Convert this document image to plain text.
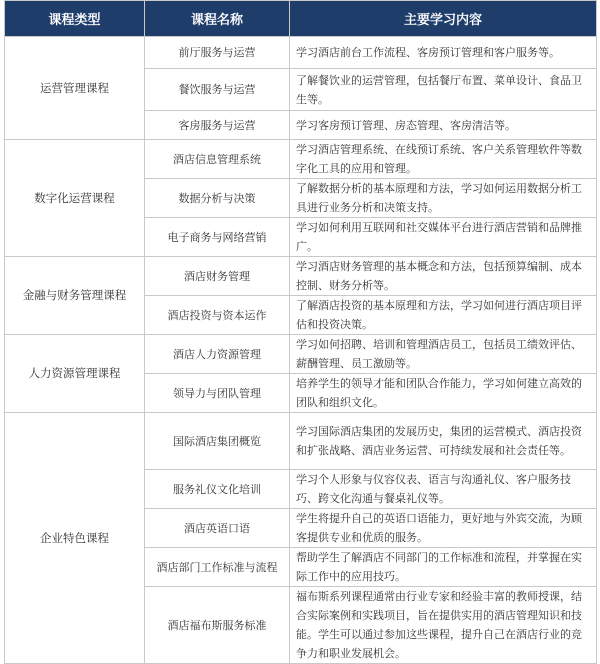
课程类型	课程名称	主要学习内容
运营管理课程	前厅服务与运营	学习酒店前台工作流程、客房预订管理和客户服务等。
	餐饮服务与运营	了解餐饮业的运营管理，包括餐厅布置、菜单设计、食品卫生等。
	客房服务与运营	学习客房预订管理、房态管理、客房清洁等。
数字化运营课程	酒店信息管理系统	学习酒店管理系统、在线预订系统、客户关系管理软件等数字化工具的应用和管理。
	数据分析与决策	了解数据分析的基本原理和方法，学习如何运用数据分析工具进行业务分析和决策支持。
	电子商务与网络营销	学习如何利用互联网和社交媒体平台进行酒店营销和品牌推广。
金融与财务管理课程	酒店财务管理	学习酒店财务管理的基本概念和方法，包括预算编制、成本控制、财务分析等。
	酒店投资与资本运作	了解酒店投资的基本原理和方法，学习如何进行酒店项目评估和投资决策。
人力资源管理课程	酒店人力资源管理	学习如何招聘、培训和管理酒店员工，包括员工绩效评估、薪酬管理、员工激励等。
	领导力与团队管理	培养学生的领导才能和团队合作能力，学习如何建立高效的团队和组织文化。
企业特色课程	国际酒店集团概览	学习国际酒店集团的发展历史，集团的运营模式、酒店投资和扩张战略、酒店业务运营、可持续发展和社会责任等。
	服务礼仪文化培训	学习个人形象与仪容仪表、语言与沟通礼仪、客户服务技巧、跨文化沟通与餐桌礼仪等。
	酒店英语口语	学生将提升自己的英语口语能力，更好地与外宾交流，为顾客提供专业和优质的服务。
	酒店部门工作标准与流程	帮助学生了解酒店不同部门的工作标准和流程，并掌握在实际工作中的应用技巧。
	酒店福布斯服务标准	福布斯系列课程通常由行业专家和经验丰富的教师授课，结合实际案例和实践项目，旨在提供实用的酒店管理知识和技能。学生可以通过参加这些课程，提升自己在酒店行业的竞争力和职业发展机会。
